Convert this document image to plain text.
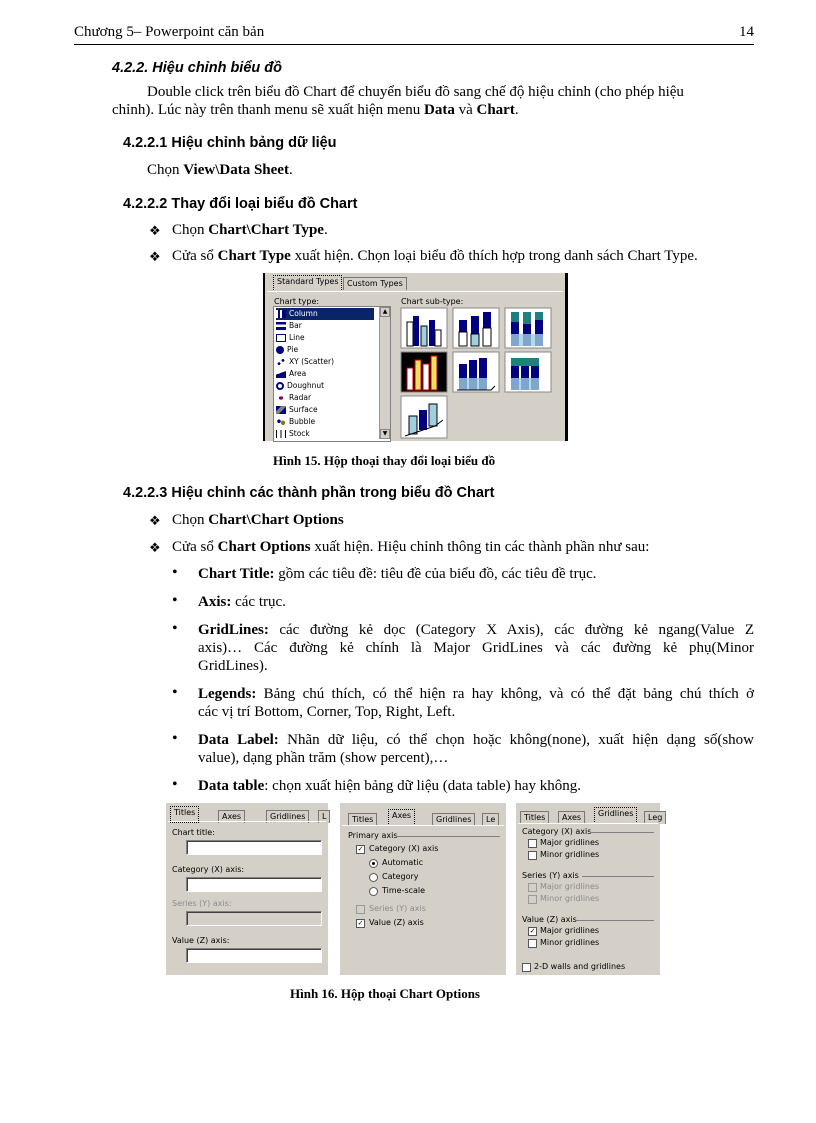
Chương 5– Powerpoint căn bản	14
4.2.2. Hiệu chỉnh biểu đồ
Double click trên biểu đồ Chart để chuyển biểu đồ sang chế độ hiệu chỉnh (cho phép hiệu
chỉnh). Lúc này trên thanh menu sẽ xuất hiện menu Data và Chart.
4.2.2.1 Hiệu chỉnh bảng dữ liệu
Chọn View\Data Sheet.
4.2.2.2 Thay đổi loại biểu đồ Chart
❖ Chọn Chart\Chart Type.
❖ Cửa sổ Chart Type xuất hiện. Chọn loại biểu đồ thích hợp trong danh sách Chart Type.
Standard Types	Custom Types
Chart type:	Chart sub-type:
Column
Bar
Line
Pie
XY (Scatter)
Area
Doughnut
Radar
Surface
Bubble
Stock
▲
▼
Hình 15. Hộp thoại thay đổi loại biểu đồ
4.2.2.3 Hiệu chỉnh các thành phần trong biểu đồ Chart
❖ Chọn Chart\Chart Options
❖ Cửa sổ Chart Options xuất hiện. Hiệu chỉnh thông tin các thành phần như sau:
• Chart Title: gồm các tiêu đề: tiêu đề của biểu đồ, các tiêu đề trục.
• Axis: các trục.
• GridLines: các đường kẻ dọc (Category X Axis), các đường kẻ ngang(Value Z
axis)… Các đường kẻ chính là Major GridLines và các đường kẻ phụ(Minor
GridLines).
• Legends: Bảng chú thích, có thể hiện ra hay không, và có thể đặt bảng chú thích ở
các vị trí Bottom, Corner, Top, Right, Left.
• Data Label: Nhãn dữ liệu, có thể chọn hoặc không(none), xuất hiện dạng số(show
value), dạng phần trăm (show percent),…
• Data table: chọn xuất hiện bảng dữ liệu (data table) hay không.
Titles	Axes	Gridlines	L
Chart title:
Category (X) axis:
Series (Y) axis:
Value (Z) axis:
Titles	Axes	Gridlines	Le
Primary axis
✓ Category (X) axis
Automatic
Category
Time-scale
Series (Y) axis
✓ Value (Z) axis
Titles	Axes	Gridlines	Leg
Category (X) axis
Major gridlines
Minor gridlines
Series (Y) axis
Major gridlines
Minor gridlines
Value (Z) axis
✓ Major gridlines
Minor gridlines
2-D walls and gridlines
Hình 16. Hộp thoại Chart Options
